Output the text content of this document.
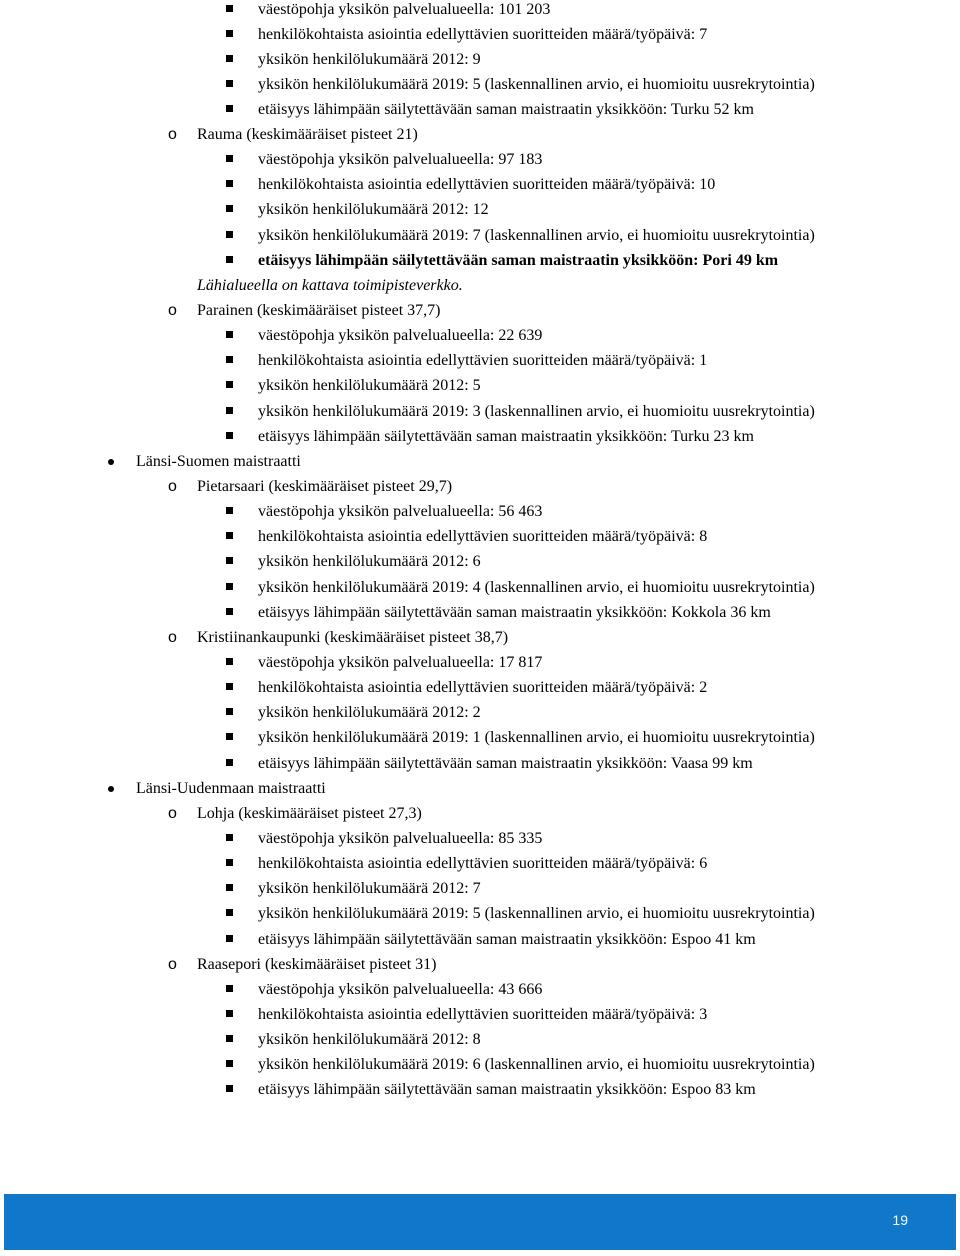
väestöpohja yksikön palvelualueella: 101 203
henkilökohtaista asiointia edellyttävien suoritteiden määrä/työpäivä: 7
yksikön henkilölukumäärä 2012: 9
yksikön henkilölukumäärä 2019: 5 (laskennallinen arvio, ei huomioitu uusrekrytointia)
etäisyys lähimpään säilytettävään saman maistraatin yksikköön: Turku 52 km
o Rauma (keskimääräiset pisteet 21)
väestöpohja yksikön palvelualueella: 97 183
henkilökohtaista asiointia edellyttävien suoritteiden määrä/työpäivä: 10
yksikön henkilölukumäärä 2012: 12
yksikön henkilölukumäärä 2019: 7 (laskennallinen arvio, ei huomioitu uusrekrytointia)
etäisyys lähimpään säilytettävään saman maistraatin yksikköön: Pori 49 km
Lähialueella on kattava toimipisteverkko.
o Parainen (keskimääräiset pisteet 37,7)
väestöpohja yksikön palvelualueella: 22 639
henkilökohtaista asiointia edellyttävien suoritteiden määrä/työpäivä: 1
yksikön henkilölukumäärä 2012: 5
yksikön henkilölukumäärä 2019: 3 (laskennallinen arvio, ei huomioitu uusrekrytointia)
etäisyys lähimpään säilytettävään saman maistraatin yksikköön: Turku 23 km
Länsi-Suomen maistraatti
o Pietarsaari (keskimääräiset pisteet 29,7)
väestöpohja yksikön palvelualueella: 56 463
henkilökohtaista asiointia edellyttävien suoritteiden määrä/työpäivä: 8
yksikön henkilölukumäärä 2012: 6
yksikön henkilölukumäärä 2019: 4 (laskennallinen arvio, ei huomioitu uusrekrytointia)
etäisyys lähimpään säilytettävään saman maistraatin yksikköön: Kokkola 36 km
o Kristiinankaupunki (keskimääräiset pisteet 38,7)
väestöpohja yksikön palvelualueella: 17 817
henkilökohtaista asiointia edellyttävien suoritteiden määrä/työpäivä: 2
yksikön henkilölukumäärä 2012: 2
yksikön henkilölukumäärä 2019: 1 (laskennallinen arvio, ei huomioitu uusrekrytointia)
etäisyys lähimpään säilytettävään saman maistraatin yksikköön: Vaasa 99 km
Länsi-Uudenmaan maistraatti
o Lohja (keskimääräiset pisteet 27,3)
väestöpohja yksikön palvelualueella: 85 335
henkilökohtaista asiointia edellyttävien suoritteiden määrä/työpäivä: 6
yksikön henkilölukumäärä 2012: 7
yksikön henkilölukumäärä 2019: 5 (laskennallinen arvio, ei huomioitu uusrekrytointia)
etäisyys lähimpään säilytettävään saman maistraatin yksikköön: Espoo 41 km
o Raasepori (keskimääräiset pisteet 31)
väestöpohja yksikön palvelualueella: 43 666
henkilökohtaista asiointia edellyttävien suoritteiden määrä/työpäivä: 3
yksikön henkilölukumäärä 2012: 8
yksikön henkilölukumäärä 2019: 6 (laskennallinen arvio, ei huomioitu uusrekrytointia)
etäisyys lähimpään säilytettävään saman maistraatin yksikköön: Espoo 83 km
19
